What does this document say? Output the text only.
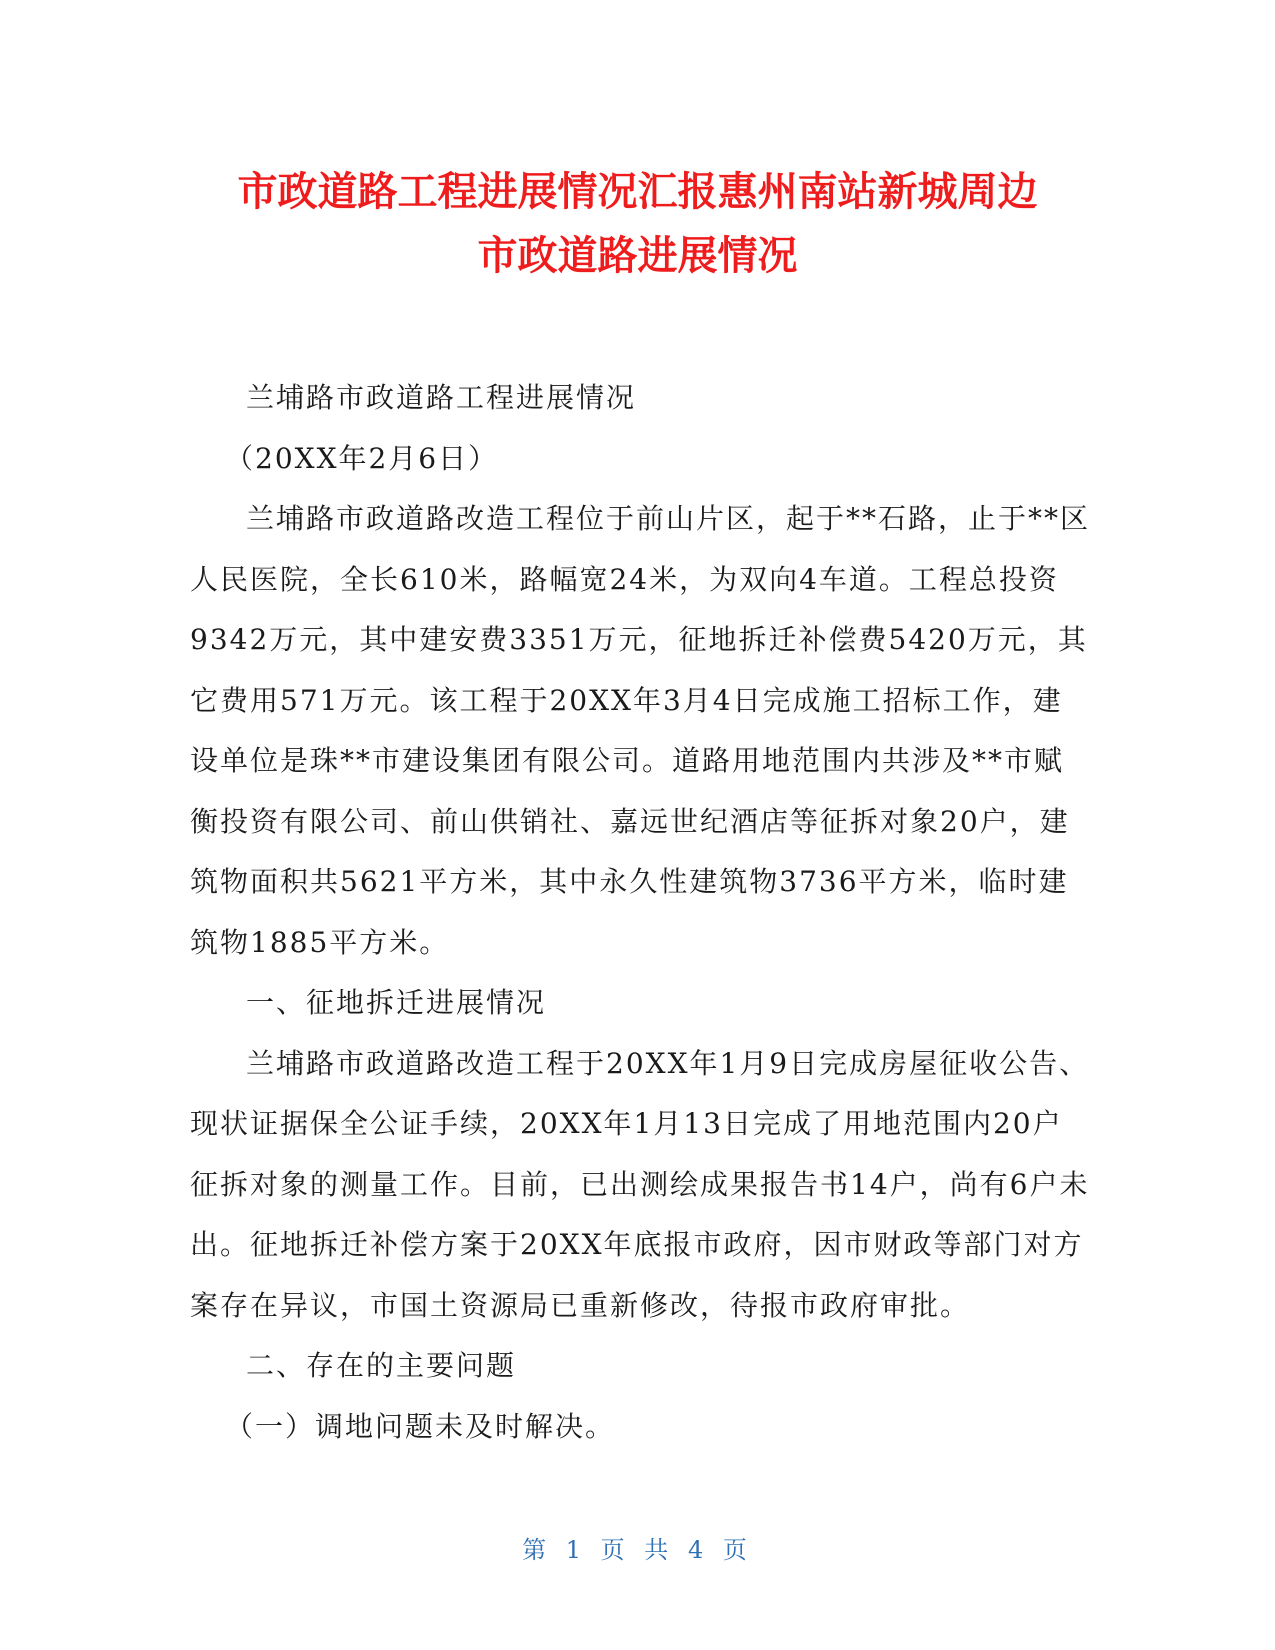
市政道路工程进展情况汇报惠州南站新城周边
市政道路进展情况

兰埔路市政道路工程进展情况

（20XX年2月6日）

兰埔路市政道路改造工程位于前山片区，起于**石路，止于**区人民医院，全长610米，路幅宽24米，为双向4车道。工程总投资9342万元，其中建安费3351万元，征地拆迁补偿费5420万元，其它费用571万元。该工程于20XX年3月4日完成施工招标工作，建设单位是珠**市建设集团有限公司。道路用地范围内共涉及**市赋衡投资有限公司、前山供销社、嘉远世纪酒店等征拆对象20户，建筑物面积共5621平方米，其中永久性建筑物3736平方米，临时建筑物1885平方米。

一、征地拆迁进展情况

兰埔路市政道路改造工程于20XX年1月9日完成房屋征收公告、现状证据保全公证手续，20XX年1月13日完成了用地范围内20户征拆对象的测量工作。目前，已出测绘成果报告书14户，尚有6户未出。征地拆迁补偿方案于20XX年底报市政府，因市财政等部门对方案存在异议，市国土资源局已重新修改，待报市政府审批。

二、存在的主要问题

（一）调地问题未及时解决。

第 1 页 共 4 页
